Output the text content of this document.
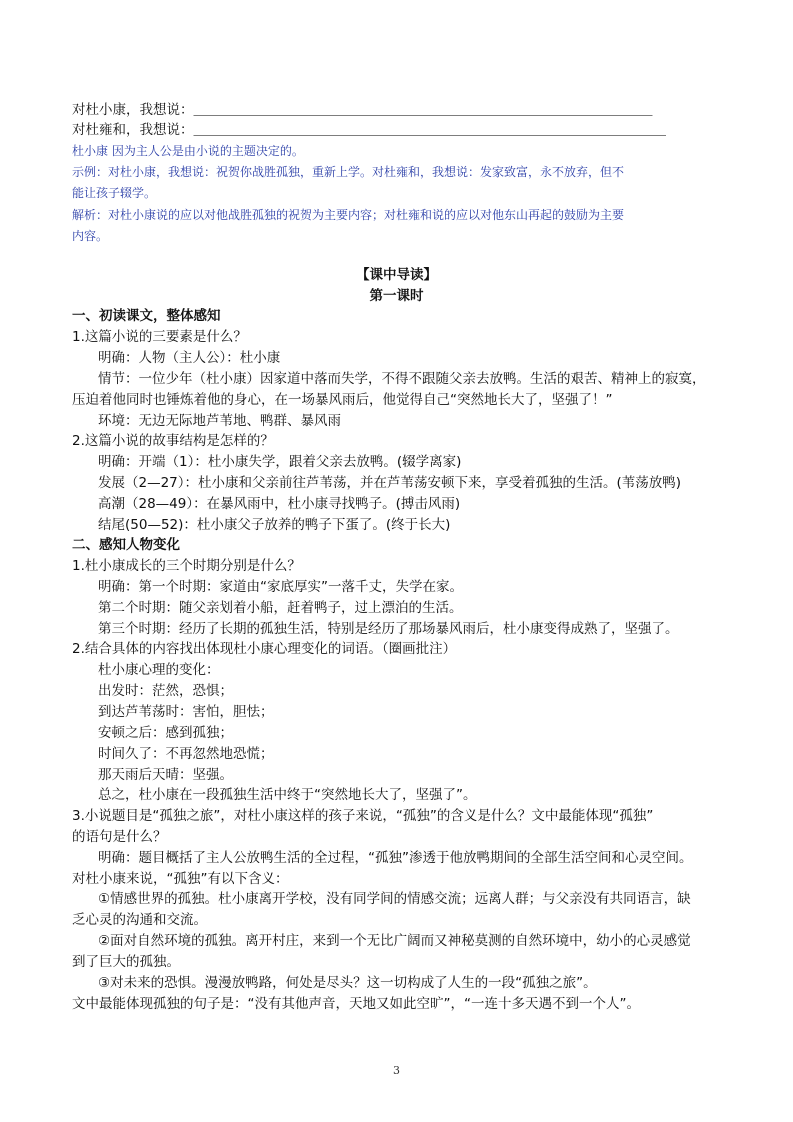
对杜小康，我想说：＿＿＿＿＿＿＿＿＿＿＿＿＿＿＿＿＿＿＿＿＿＿＿＿＿＿＿＿＿＿＿＿＿＿
对杜雍和，我想说：＿＿＿＿＿＿＿＿＿＿＿＿＿＿＿＿＿＿＿＿＿＿＿＿＿＿＿＿＿＿＿＿＿＿＿
杜小康 因为主人公是由小说的主题决定的。
示例：对杜小康，我想说：祝贺你战胜孤独，重新上学。对杜雍和，我想说：发家致富，永不放弃，但不
能让孩子辍学。
解析：对杜小康说的应以对他战胜孤独的祝贺为主要内容；对杜雍和说的应以对他东山再起的鼓励为主要
内容。
【课中导读】
第一课时
一、初读课文，整体感知
1.这篇小说的三要素是什么？
明确：人物（主人公）：杜小康
情节：一位少年（杜小康）因家道中落而失学，不得不跟随父亲去放鸭。生活的艰苦、精神上的寂寞，
压迫着他同时也锤炼着他的身心，在一场暴风雨后，他觉得自己“突然地长大了，坚强了！”
环境：无边无际地芦苇地、鸭群、暴风雨
2.这篇小说的故事结构是怎样的？
明确：开端（1）：杜小康失学，跟着父亲去放鸭。(辍学离家)
发展（2—27）：杜小康和父亲前往芦苇荡，并在芦苇荡安顿下来，享受着孤独的生活。(苇荡放鸭)
高潮（28—49）：在暴风雨中，杜小康寻找鸭子。(搏击风雨)
结尾(50—52)：杜小康父子放养的鸭子下蛋了。(终于长大)
二、感知人物变化
1.杜小康成长的三个时期分别是什么？
明确：第一个时期：家道由“家底厚实”一落千丈，失学在家。
第二个时期：随父亲划着小船，赶着鸭子，过上漂泊的生活。
第三个时期：经历了长期的孤独生活，特别是经历了那场暴风雨后，杜小康变得成熟了，坚强了。
2.结合具体的内容找出体现杜小康心理变化的词语。（圈画批注）
杜小康心理的变化：
出发时：茫然，恐惧；
到达芦苇荡时：害怕，胆怯；
安顿之后：感到孤独；
时间久了：不再忽然地恐慌；
那天雨后天晴：坚强。
总之，杜小康在一段孤独生活中终于“突然地长大了，坚强了”。
3.小说题目是“孤独之旅”，对杜小康这样的孩子来说，“孤独”的含义是什么？文中最能体现“孤独”
的语句是什么？
明确：题目概括了主人公放鸭生活的全过程，“孤独”渗透于他放鸭期间的全部生活空间和心灵空间。
对杜小康来说，“孤独”有以下含义：
①情感世界的孤独。杜小康离开学校，没有同学间的情感交流；远离人群；与父亲没有共同语言，缺
乏心灵的沟通和交流。
②面对自然环境的孤独。离开村庄，来到一个无比广阔而又神秘莫测的自然环境中，幼小的心灵感觉
到了巨大的孤独。
③对未来的恐惧。漫漫放鸭路，何处是尽头？这一切构成了人生的一段“孤独之旅”。
文中最能体现孤独的句子是：“没有其他声音，天地又如此空旷”，“一连十多天遇不到一个人”。
3
